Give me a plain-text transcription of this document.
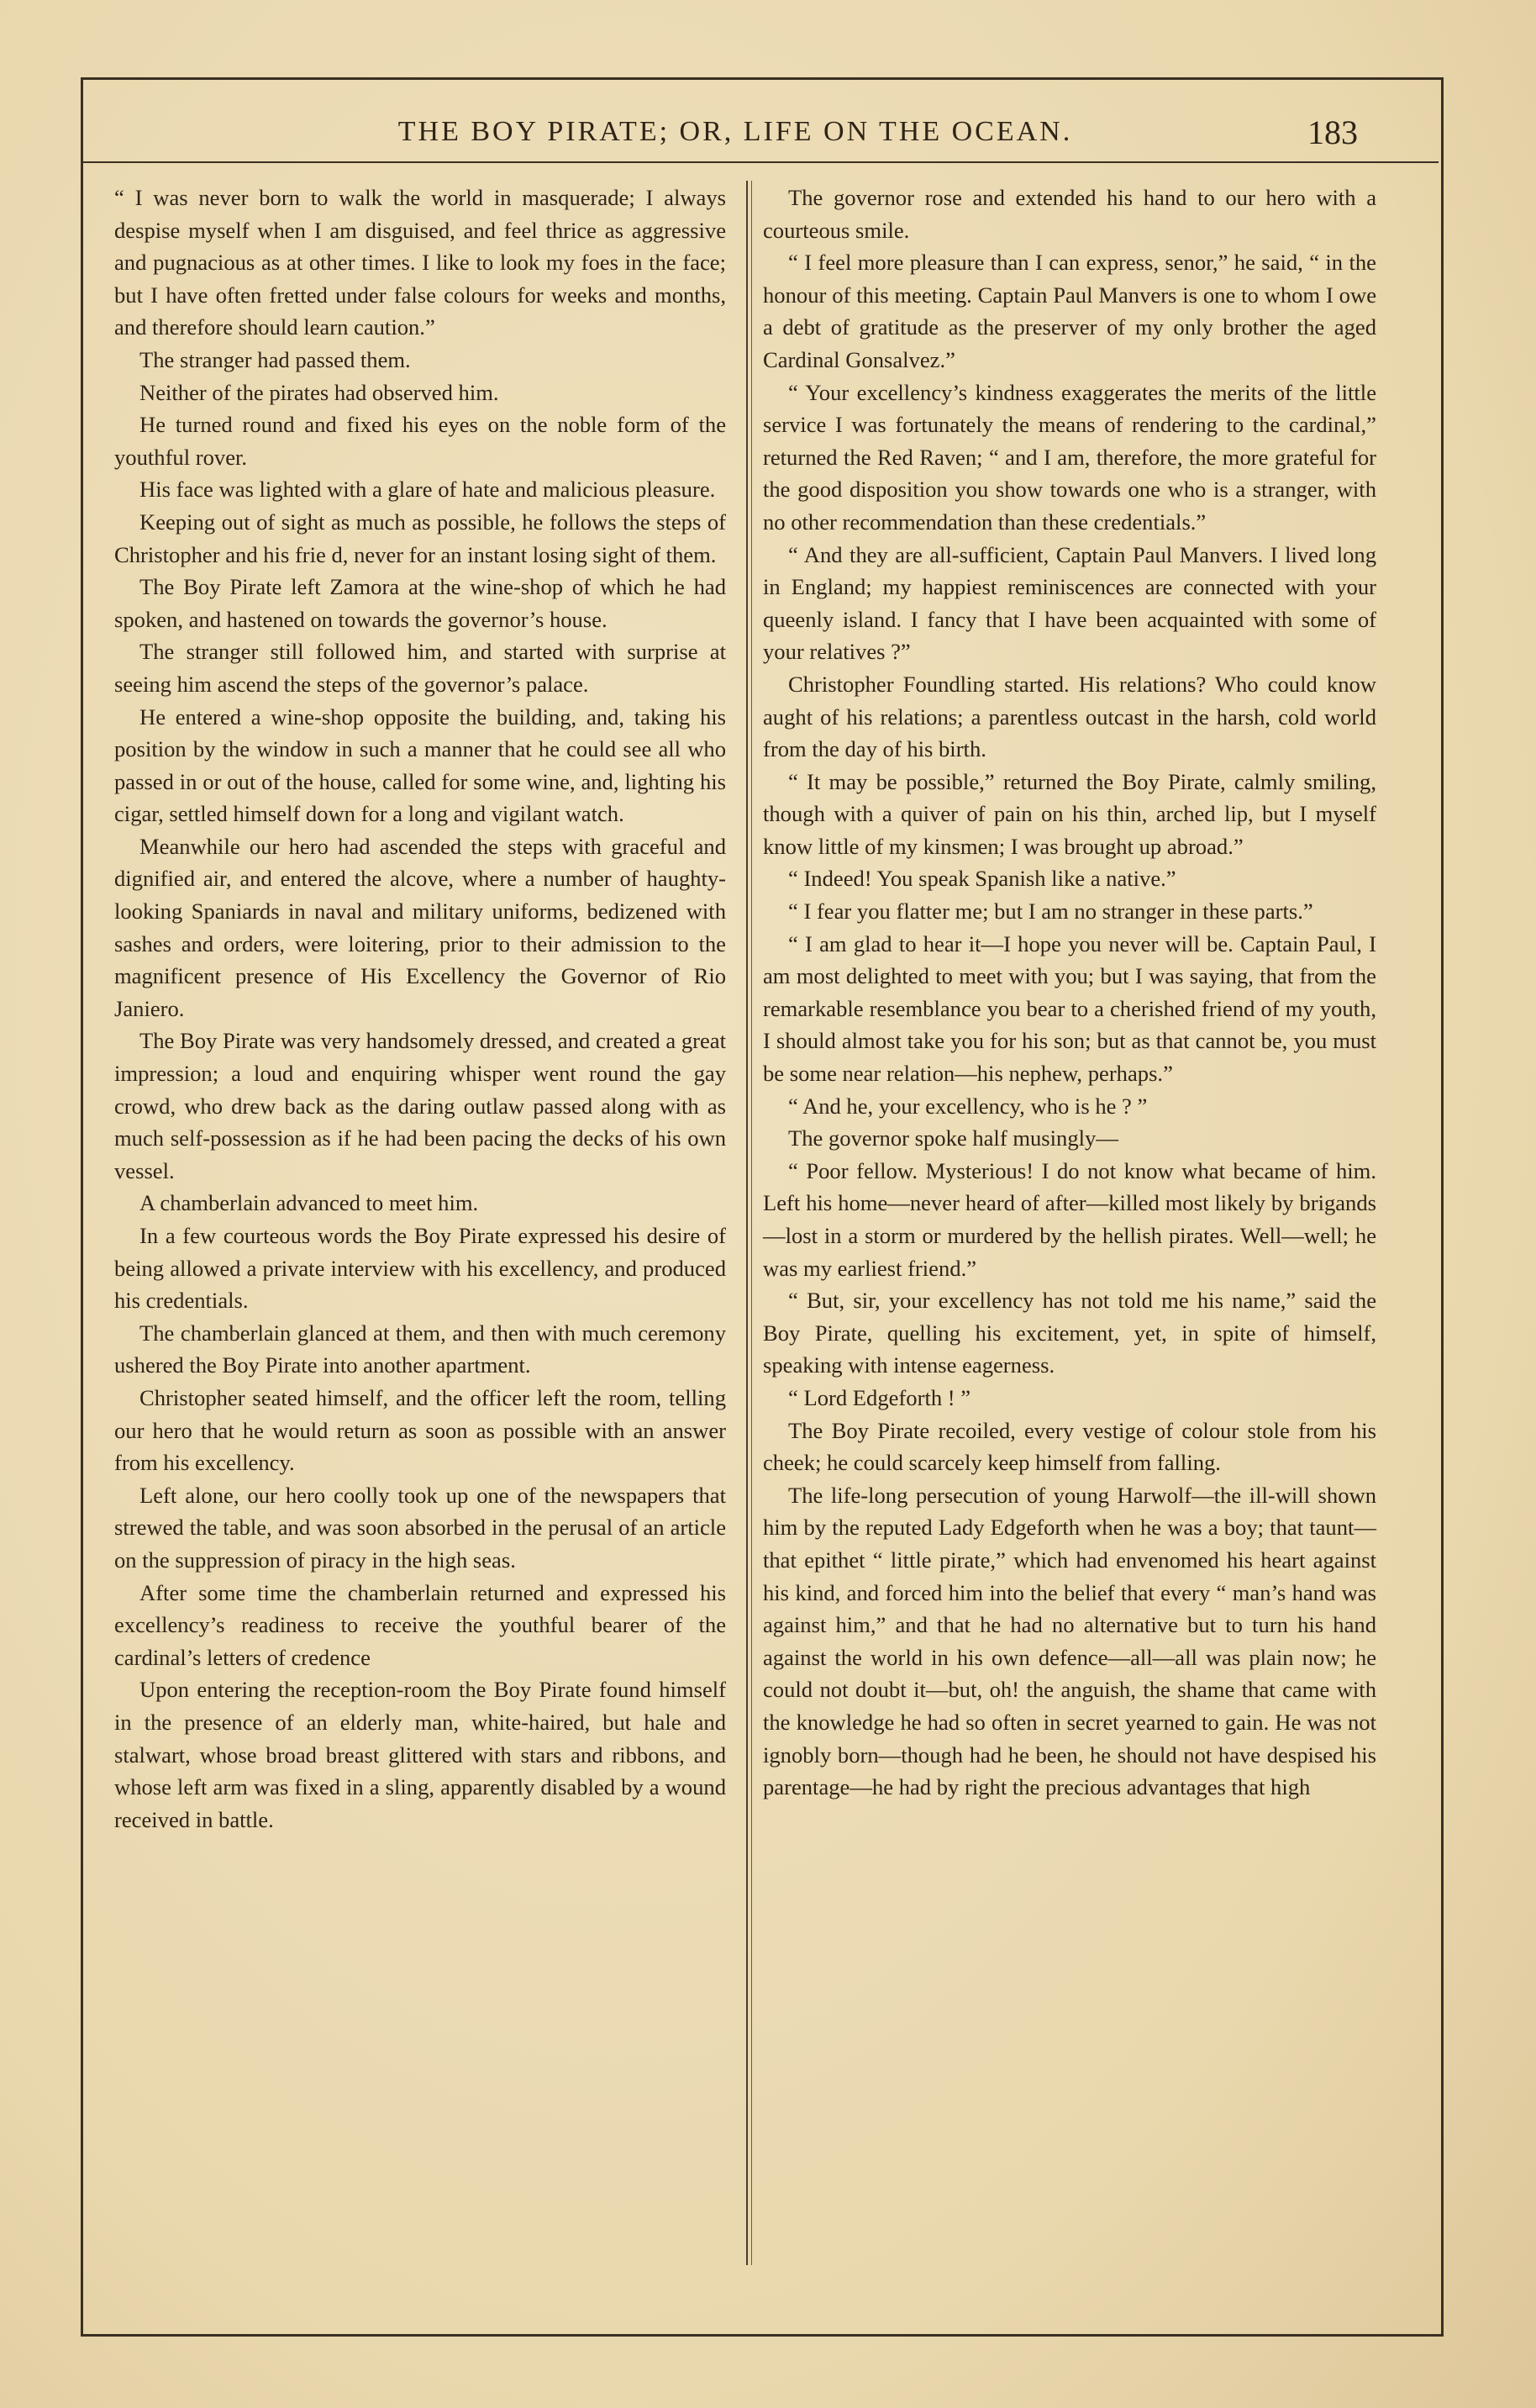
THE BOY PIRATE; OR, LIFE ON THE OCEAN.	183

“ I was never born to walk the world in masquerade; I always despise myself when I am disguised, and feel thrice as aggressive and pugnacious as at other times. I like to look my foes in the face; but I have often fretted under false colours for weeks and months, and therefore should learn caution.”

The stranger had passed them.

Neither of the pirates had observed him.

He turned round and fixed his eyes on the noble form of the youthful rover.

His face was lighted with a glare of hate and malicious pleasure.

Keeping out of sight as much as possible, he follows the steps of Christopher and his frie d, never for an instant losing sight of them.

The Boy Pirate left Zamora at the wine-shop of which he had spoken, and hastened on towards the governor’s house.

The stranger still followed him, and started with surprise at seeing him ascend the steps of the governor’s palace.

He entered a wine-shop opposite the building, and, taking his position by the window in such a manner that he could see all who passed in or out of the house, called for some wine, and, lighting his cigar, settled himself down for a long and vigilant watch.

Meanwhile our hero had ascended the steps with graceful and dignified air, and entered the alcove, where a number of haughty-looking Spaniards in naval and military uniforms, bedizened with sashes and orders, were loitering, prior to their admission to the magnificent presence of His Excellency the Governor of Rio Janiero.

The Boy Pirate was very handsomely dressed, and created a great impression; a loud and enquiring whisper went round the gay crowd, who drew back as the daring outlaw passed along with as much self-possession as if he had been pacing the decks of his own vessel.

A chamberlain advanced to meet him.

In a few courteous words the Boy Pirate expressed his desire of being allowed a private interview with his excellency, and produced his credentials.

The chamberlain glanced at them, and then with much ceremony ushered the Boy Pirate into another apartment.

Christopher seated himself, and the officer left the room, telling our hero that he would return as soon as possible with an answer from his excellency.

Left alone, our hero coolly took up one of the newspapers that strewed the table, and was soon absorbed in the perusal of an article on the suppression of piracy in the high seas.

After some time the chamberlain returned and expressed his excellency’s readiness to receive the youthful bearer of the cardinal’s letters of credence

Upon entering the reception-room the Boy Pirate found himself in the presence of an elderly man, white-haired, but hale and stalwart, whose broad breast glittered with stars and ribbons, and whose left arm was fixed in a sling, apparently disabled by a wound received in battle.

The governor rose and extended his hand to our hero with a courteous smile.

“ I feel more pleasure than I can express, senor,” he said, “ in the honour of this meeting. Captain Paul Manvers is one to whom I owe a debt of gratitude as the preserver of my only brother the aged Cardinal Gonsalvez.”

“ Your excellency’s kindness exaggerates the merits of the little service I was fortunately the means of rendering to the cardinal,” returned the Red Raven; “ and I am, therefore, the more grateful for the good disposition you show towards one who is a stranger, with no other recommendation than these credentials.”

“ And they are all-sufficient, Captain Paul Manvers. I lived long in England; my happiest reminiscences are connected with your queenly island. I fancy that I have been acquainted with some of your relatives ?”

Christopher Foundling started. His relations? Who could know aught of his relations; a parentless outcast in the harsh, cold world from the day of his birth.

“ It may be possible,” returned the Boy Pirate, calmly smiling, though with a quiver of pain on his thin, arched lip, but I myself know little of my kinsmen; I was brought up abroad.”

“ Indeed! You speak Spanish like a native.”

“ I fear you flatter me; but I am no stranger in these parts.”

“ I am glad to hear it—I hope you never will be. Captain Paul, I am most delighted to meet with you; but I was saying, that from the remarkable resemblance you bear to a cherished friend of my youth, I should almost take you for his son; but as that cannot be, you must be some near relation—his nephew, perhaps.”

“ And he, your excellency, who is he ? ”

The governor spoke half musingly—

“ Poor fellow. Mysterious! I do not know what became of him. Left his home—never heard of after—killed most likely by brigands—lost in a storm or murdered by the hellish pirates. Well—well; he was my earliest friend.”

“ But, sir, your excellency has not told me his name,” said the Boy Pirate, quelling his excitement, yet, in spite of himself, speaking with intense eagerness.

“ Lord Edgeforth ! ”

The Boy Pirate recoiled, every vestige of colour stole from his cheek; he could scarcely keep himself from falling.

The life-long persecution of young Harwolf—the ill-will shown him by the reputed Lady Edgeforth when he was a boy; that taunt—that epithet “ little pirate,” which had envenomed his heart against his kind, and forced him into the belief that every “ man’s hand was against him,” and that he had no alternative but to turn his hand against the world in his own defence—all—all was plain now; he could not doubt it—but, oh! the anguish, the shame that came with the knowledge he had so often in secret yearned to gain. He was not ignobly born—though had he been, he should not have despised his parentage—he had by right the precious advantages that high
